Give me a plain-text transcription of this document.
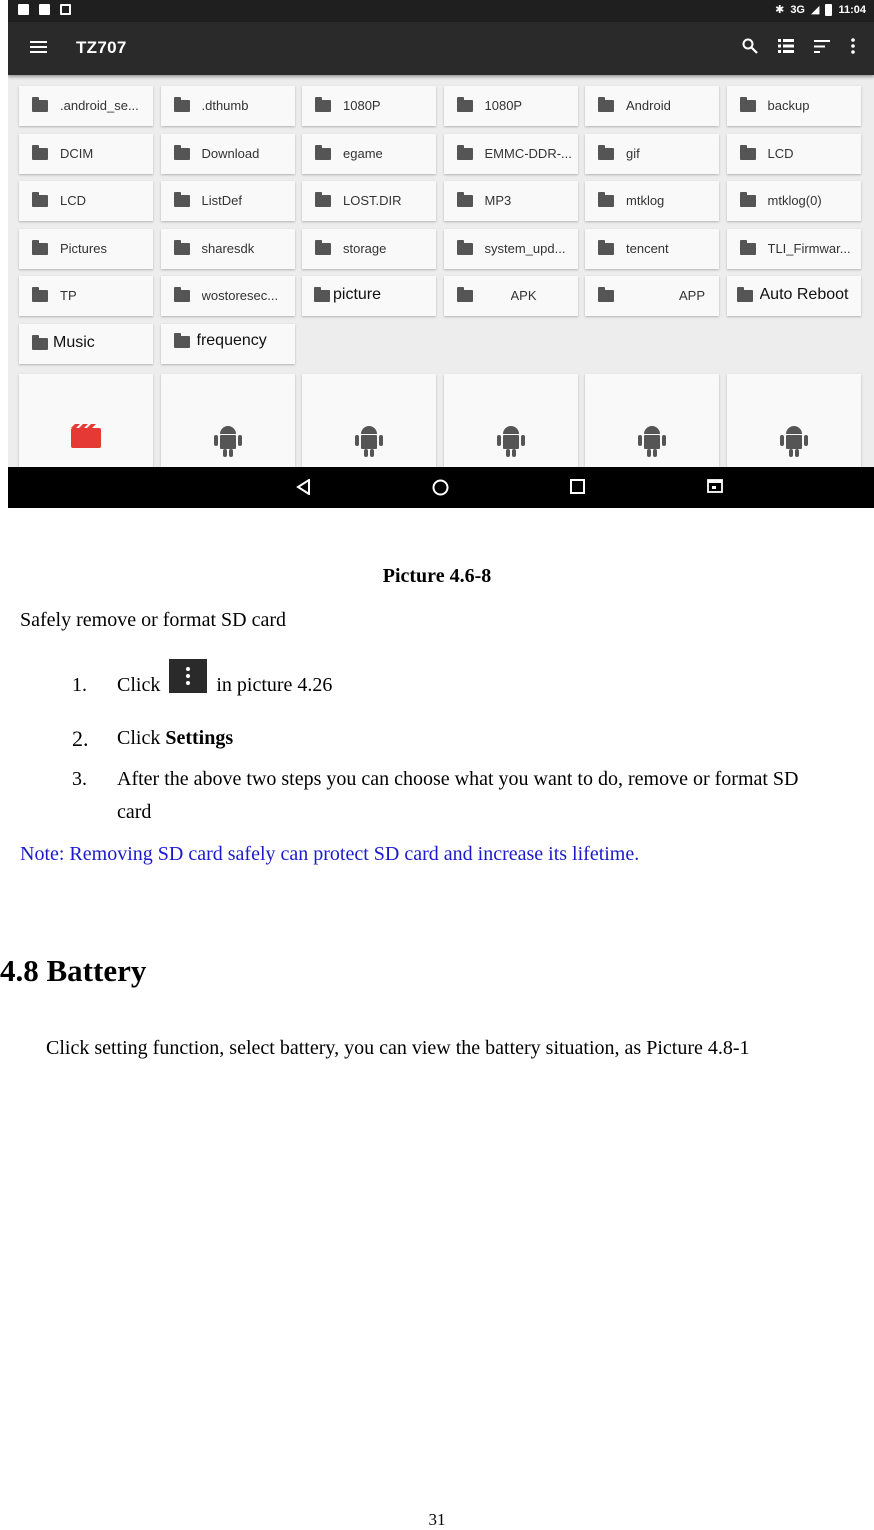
✱ 3G ◢ 11:04
TZ707
.android_se...	.dthumb	1080P	1080P	Android	backup
DCIM	Download	egame	EMMC-DDR-...	gif	LCD
LCD	ListDef	LOST.DIR	MP3	mtklog	mtklog(0)
Pictures	sharesdk	storage	system_upd...	tencent	TLI_Firmwar...
TP	wostoresec...	picture	APK	APP	Auto Reboot
Music	frequency
Picture 4.6-8
Safely remove or format SD card
1. Click	in picture 4.26
2. Click Settings
3. After the above two steps you can choose what you want to do, remove or format SD
card
Note: Removing SD card safely can protect SD card and increase its lifetime.
4.8 Battery
Click setting function, select battery, you can view the battery situation, as Picture 4.8-1
31
